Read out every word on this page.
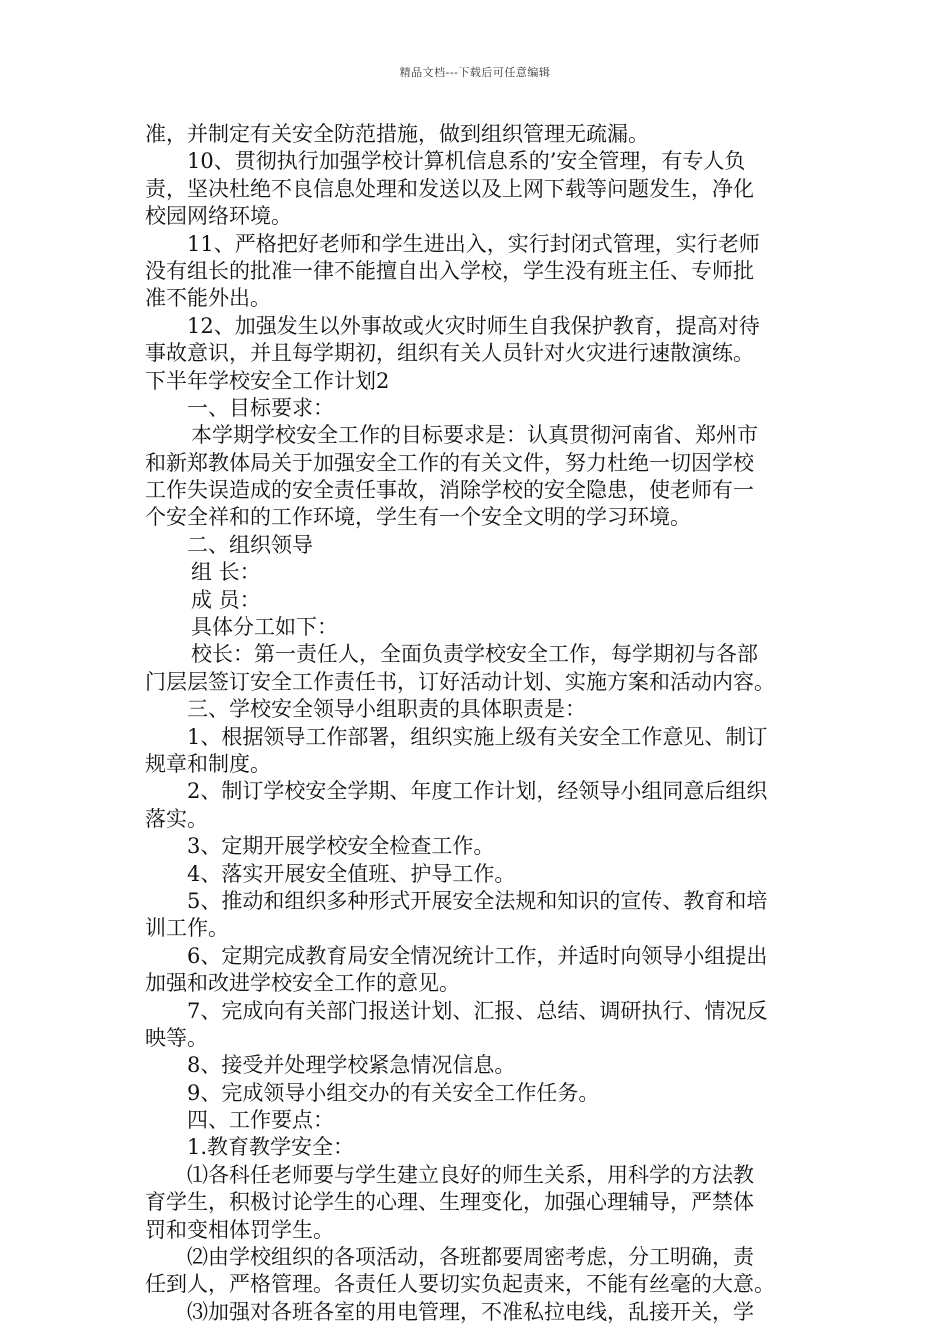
精品文档---下载后可任意编辑
准，并制定有关安全防范措施，做到组织管理无疏漏。
10、贯彻执行加强学校计算机信息系的’安全管理，有专人负
责，坚决杜绝不良信息处理和发送以及上网下载等问题发生，净化
校园网络环境。
11、严格把好老师和学生进出入，实行封闭式管理，实行老师
没有组长的批准一律不能擅自出入学校，学生没有班主任、专师批
准不能外出。
12、加强发生以外事故或火灾时师生自我保护教育，提高对待
事故意识，并且每学期初，组织有关人员针对火灾进行速散演练。
下半年学校安全工作计划2
一、目标要求：
本学期学校安全工作的目标要求是：认真贯彻河南省、郑州市
和新郑教体局关于加强安全工作的有关文件，努力杜绝一切因学校
工作失误造成的安全责任事故，消除学校的安全隐患，使老师有一
个安全祥和的工作环境，学生有一个安全文明的学习环境。
二、组织领导
组 长：
成 员：
具体分工如下：
校长：第一责任人，全面负责学校安全工作，每学期初与各部
门层层签订安全工作责任书，订好活动计划、实施方案和活动内容。
三、学校安全领导小组职责的具体职责是：
1、根据领导工作部署，组织实施上级有关安全工作意见、制订
规章和制度。
2、制订学校安全学期、年度工作计划，经领导小组同意后组织
落实。
3、定期开展学校安全检查工作。
4、落实开展安全值班、护导工作。
5、推动和组织多种形式开展安全法规和知识的宣传、教育和培
训工作。
6、定期完成教育局安全情况统计工作，并适时向领导小组提出
加强和改进学校安全工作的意见。
7、完成向有关部门报送计划、汇报、总结、调研执行、情况反
映等。
8、接受并处理学校紧急情况信息。
9、完成领导小组交办的有关安全工作任务。
四、工作要点：
1.教育教学安全：
⑴各科任老师要与学生建立良好的师生关系，用科学的方法教
育学生，积极讨论学生的心理、生理变化，加强心理辅导，严禁体
罚和变相体罚学生。
⑵由学校组织的各项活动，各班都要周密考虑，分工明确，责
任到人，严格管理。各责任人要切实负起责来，不能有丝毫的大意。
⑶加强对各班各室的用电管理，不准私拉电线，乱接开关，学
